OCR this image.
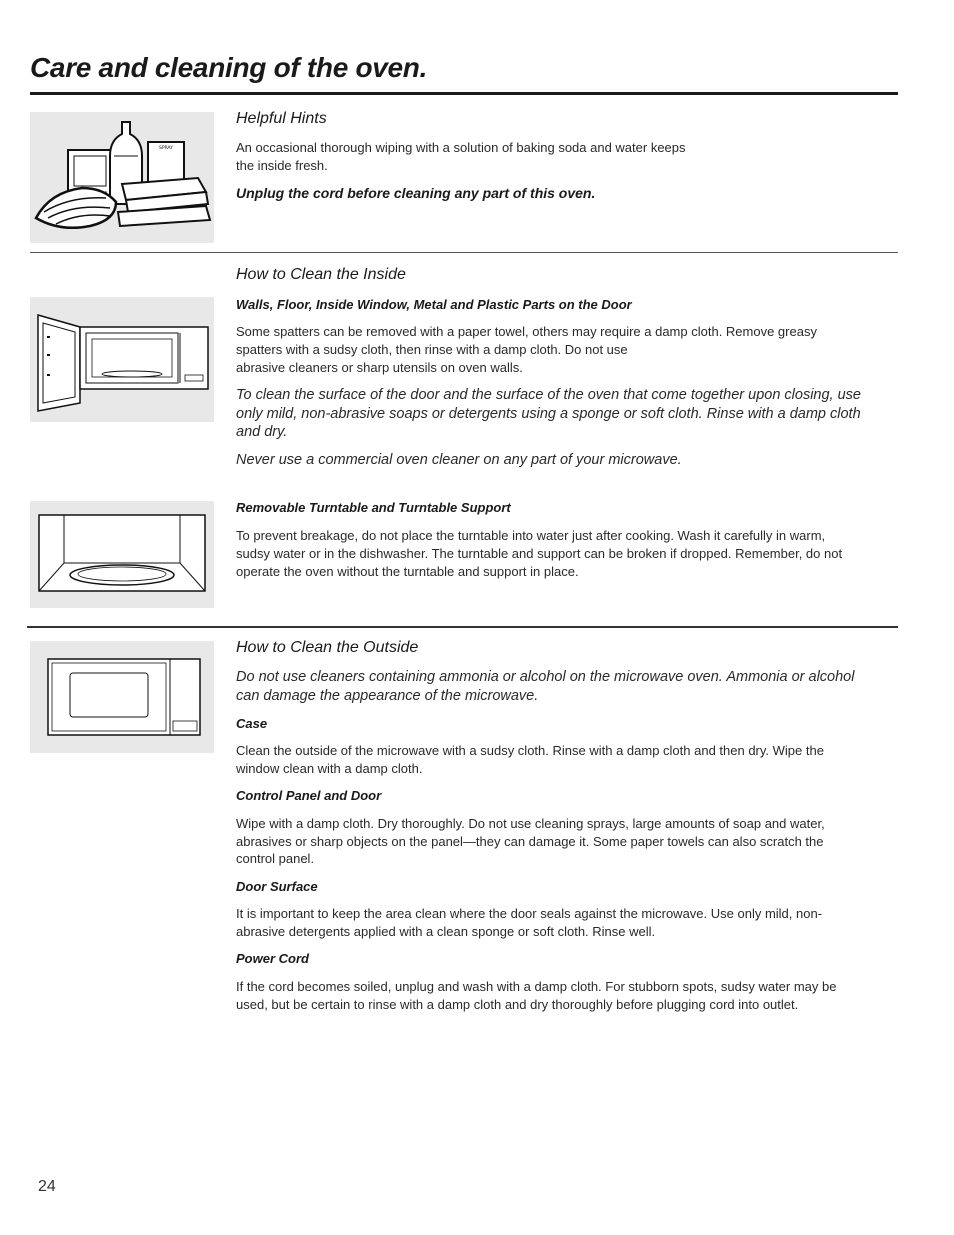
Care and cleaning of the oven.
SPRAY
Helpful Hints

An occasional thorough wiping with a solution of baking soda and water keeps

the inside fresh.

Unplug the cord before cleaning any part of this oven.

How to Clean the Inside

Walls, Floor, Inside Window, Metal and Plastic Parts on the Door

Some spatters can be removed with a paper towel, others may require a damp cloth. Remove greasy

spatters with a sudsy cloth, then rinse with a damp cloth. Do not use

abrasive cleaners or sharp utensils on oven walls.

To clean the surface of the door and the surface of the oven that come together upon closing, use

only mild, non-abrasive soaps or detergents using a sponge or soft cloth. Rinse with a damp cloth

and dry.

Never use a commercial oven cleaner on any part of your microwave.

Removable Turntable and Turntable Support

To prevent breakage, do not place the turntable into water just after cooking. Wash it carefully in warm,

sudsy water or in the dishwasher. The turntable and support can be broken if dropped. Remember, do not

operate the oven without the turntable and support in place.

How to Clean the Outside

Do not use cleaners containing ammonia or alcohol on the microwave oven. Ammonia or alcohol

can damage the appearance of the microwave.

Case

Clean the outside of the microwave with a sudsy cloth. Rinse with a damp cloth and then dry. Wipe the

window clean with a damp cloth.

Control Panel and Door

Wipe with a damp cloth. Dry thoroughly. Do not use cleaning sprays, large amounts of soap and water,

abrasives or sharp objects on the panel—they can damage it. Some paper towels can also scratch the

control panel.

Door Surface

It is important to keep the area clean where the door seals against the microwave. Use only mild, non-

abrasive detergents applied with a clean sponge or soft cloth. Rinse well.

Power Cord

If the cord becomes soiled, unplug and wash with a damp cloth. For stubborn spots, sudsy water may be

used, but be certain to rinse with a damp cloth and dry thoroughly before plugging cord into outlet.

24
